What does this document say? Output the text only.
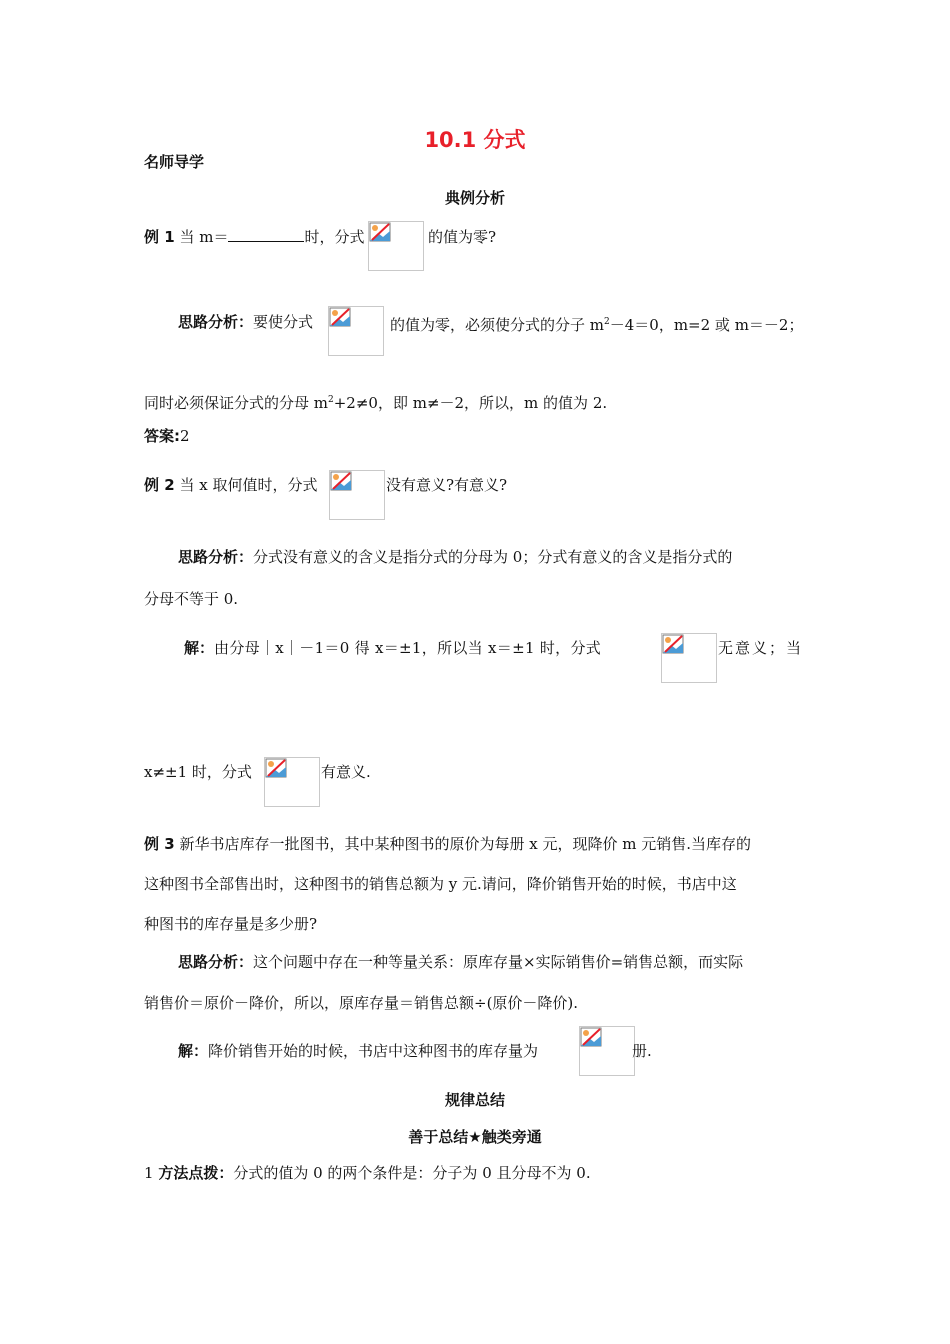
10.1 分式
名师导学
典例分析
例 1 当 m＝	时，分式	的值为零?
思路分析：要使分式	的值为零，必须使分式的分子 $m^2-4=0$，m=2 或 m＝－2；
同时必须保证分式的分母 $m^2+2\ne 0$，即 m≠－2，所以，m 的值为 2.
答案:2
例 2 当 x 取何值时，分式	没有意义?有意义?
思路分析：分式没有意义的含义是指分式的分母为 0；分式有意义的含义是指分式的
分母不等于 0.
解：由分母｜x｜－1＝0 得 x＝±1，所以当 x＝±1 时，分式	无意义；当
x≠±1 时，分式	有意义.
例 3 新华书店库存一批图书，其中某种图书的原价为每册 x 元，现降价 m 元销售.当库存的
这种图书全部售出时，这种图书的销售总额为 y 元.请问，降价销售开始的时候，书店中这
种图书的库存量是多少册?
思路分析：这个问题中存在一种等量关系：原库存量×实际销售价=销售总额，而实际
销售价＝原价－降价，所以，原库存量＝销售总额÷(原价－降价).
解：降价销售开始的时候，书店中这种图书的库存量为	册.
规律总结
善于总结★触类旁通
1 方法点拨：分式的值为 0 的两个条件是：分子为 0 且分母不为 0.
